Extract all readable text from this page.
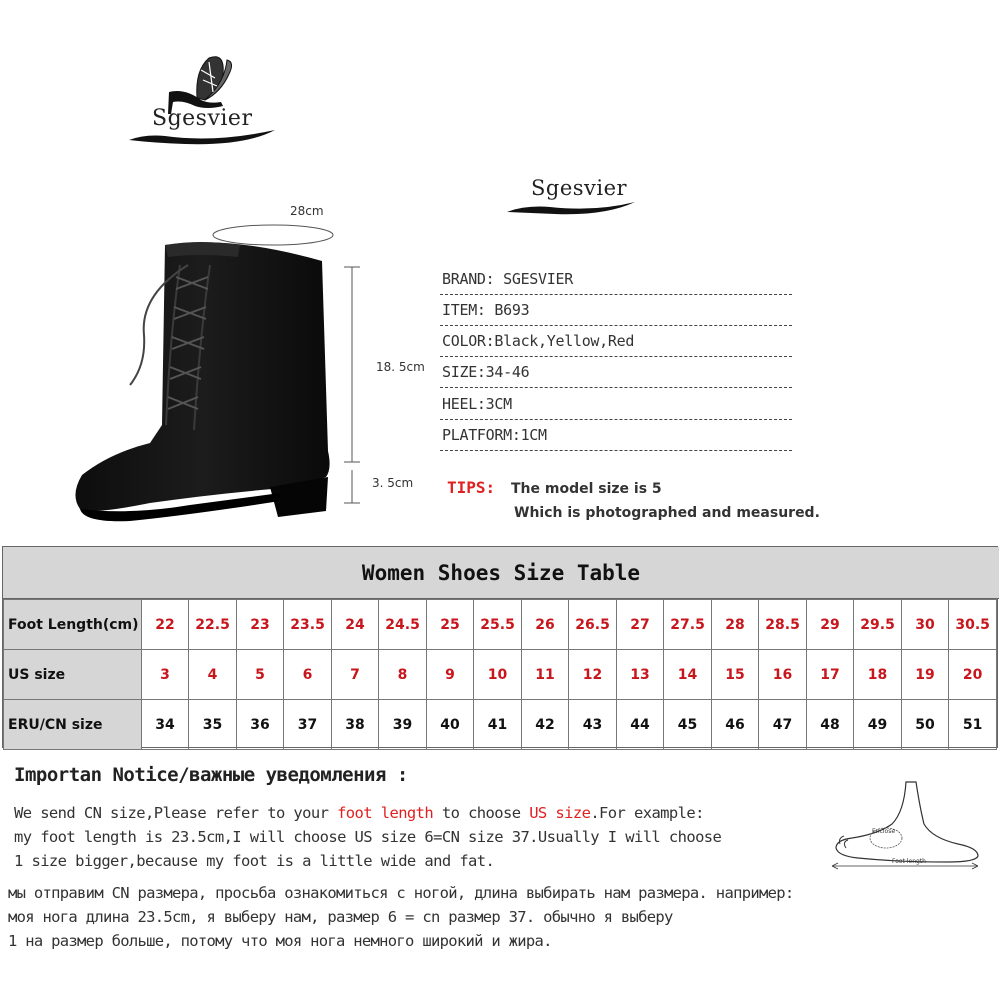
Sgesvier
Sgesvier
28cm
18. 5cm
3. 5cm
BRAND: SGESVIER
ITEM: B693
COLOR:Black,Yellow,Red
SIZE:34-46
HEEL:3CM
PLATFORM:1CM
TIPS: The model size is 5
Which is photographed and measured.
Women Shoes Size Table
Foot Length(cm)	22	22.5	23	23.5	24	24.5	25	25.5	26	26.5	27	27.5	28	28.5	29	29.5	30	30.5
US size	3	4	5	6	7	8	9	10	11	12	13	14	15	16	17	18	19	20
ERU/CN size	34	35	36	37	38	39	40	41	42	43	44	45	46	47	48	49	50	51
Importan Notice/важные уведомления :
We send CN size,Please refer to your foot length to choose US size.For example:
my foot length is 23.5cm,I will choose US size 6=CN size 37.Usually I will choose
1 size bigger,because my foot is a little wide and fat.
мы отправим CN размера, просьба ознакомиться с ногой, длина выбирать нам размера. например:
моя нога длина 23.5cm, я выберу нам, размер 6 = cn размер 37. обычно я выберу
1 на размер больше, потому что моя нога немного широкий и жира.
Enclose
Foot length
